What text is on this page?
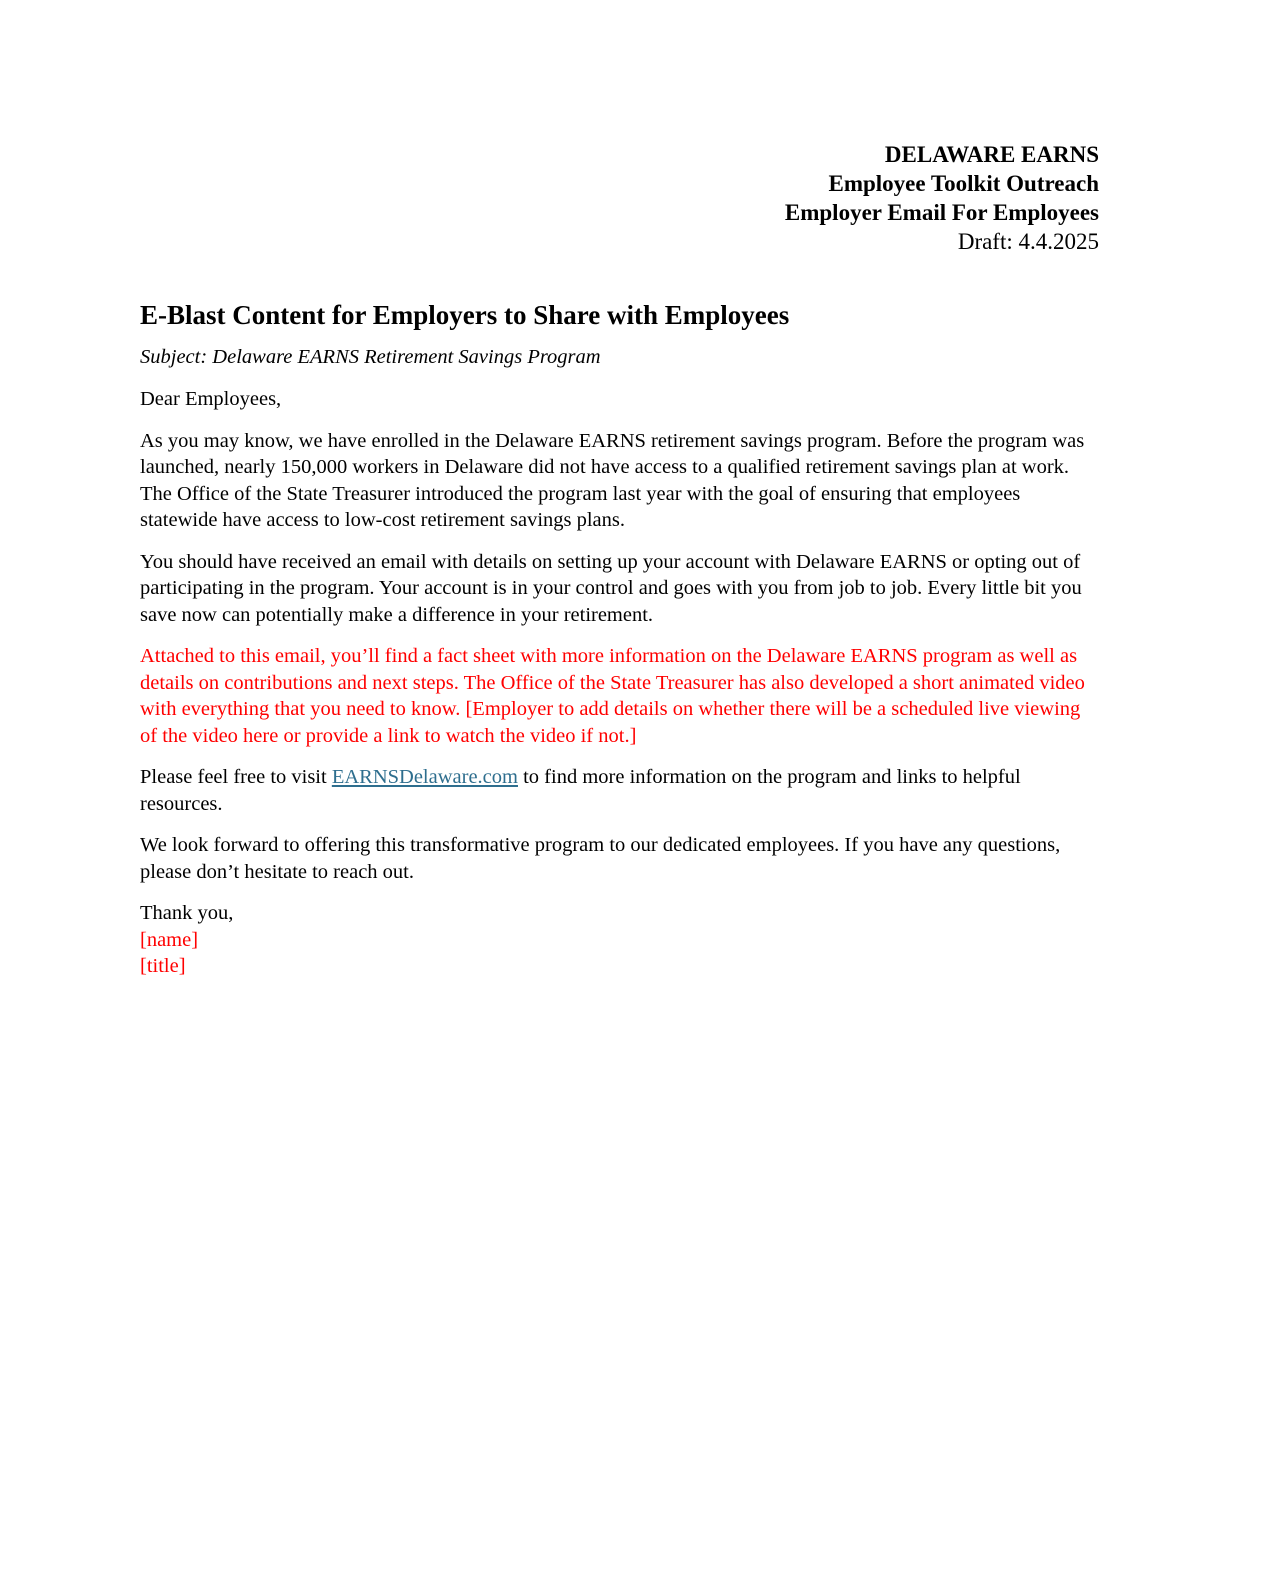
DELAWARE EARNS
Employee Toolkit Outreach
Employer Email For Employees
Draft: 4.4.2025
E-Blast Content for Employers to Share with Employees
Subject: Delaware EARNS Retirement Savings Program

Dear Employees,

As you may know, we have enrolled in the Delaware EARNS retirement savings program. Before the program was launched, nearly 150,000 workers in Delaware did not have access to a qualified retirement savings plan at work. The Office of the State Treasurer introduced the program last year with the goal of ensuring that employees statewide have access to low-cost retirement savings plans.

You should have received an email with details on setting up your account with Delaware EARNS or opting out of participating in the program. Your account is in your control and goes with you from job to job. Every little bit you save now can potentially make a difference in your retirement.

Attached to this email, you’ll find a fact sheet with more information on the Delaware EARNS program as well as details on contributions and next steps. The Office of the State Treasurer has also developed a short animated video with everything that you need to know. [Employer to add details on whether there will be a scheduled live viewing of the video here or provide a link to watch the video if not.]

Please feel free to visit EARNSDelaware.com to find more information on the program and links to helpful resources.

We look forward to offering this transformative program to our dedicated employees. If you have any questions, please don’t hesitate to reach out.

Thank you,
[name]
[title]
